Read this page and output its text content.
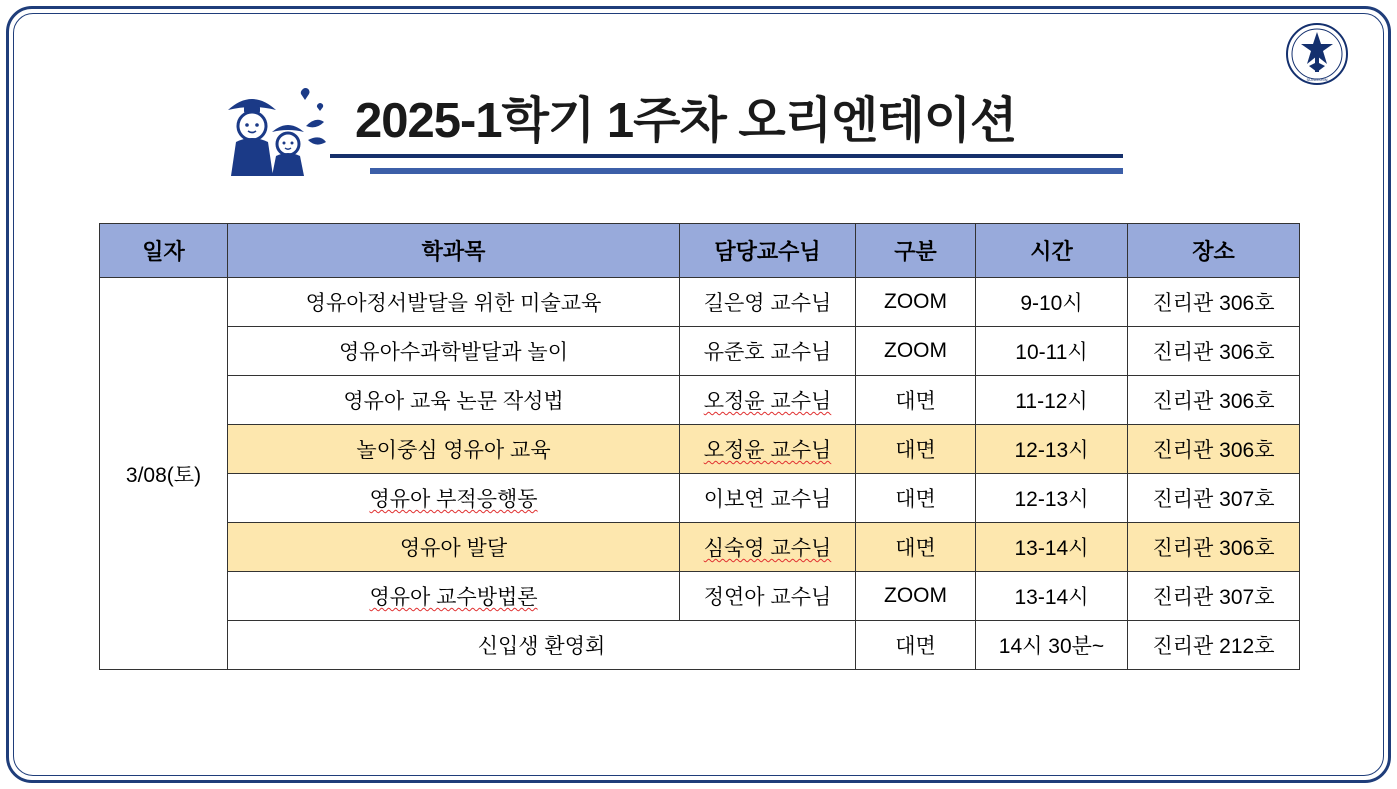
SUNGSHIN
2025-1학기 1주차 오리엔테이션
일자	학과목	담당교수님	구분	시간	장소
3/08(토)	영유아정서발달을 위한 미술교육	길은영 교수님	ZOOM	9-10시	진리관 306호
	영유아수과학발달과 놀이	유준호 교수님	ZOOM	10-11시	진리관 306호
	영유아 교육 논문 작성법	오정윤 교수님	대면	11-12시	진리관 306호
	놀이중심 영유아 교육	오정윤 교수님	대면	12-13시	진리관 306호
	영유아 부적응행동	이보연 교수님	대면	12-13시	진리관 307호
	영유아 발달	심숙영 교수님	대면	13-14시	진리관 306호
	영유아 교수방법론	정연아 교수님	ZOOM	13-14시	진리관 307호
	신입생 환영회		대면	14시 30분~	진리관 212호
